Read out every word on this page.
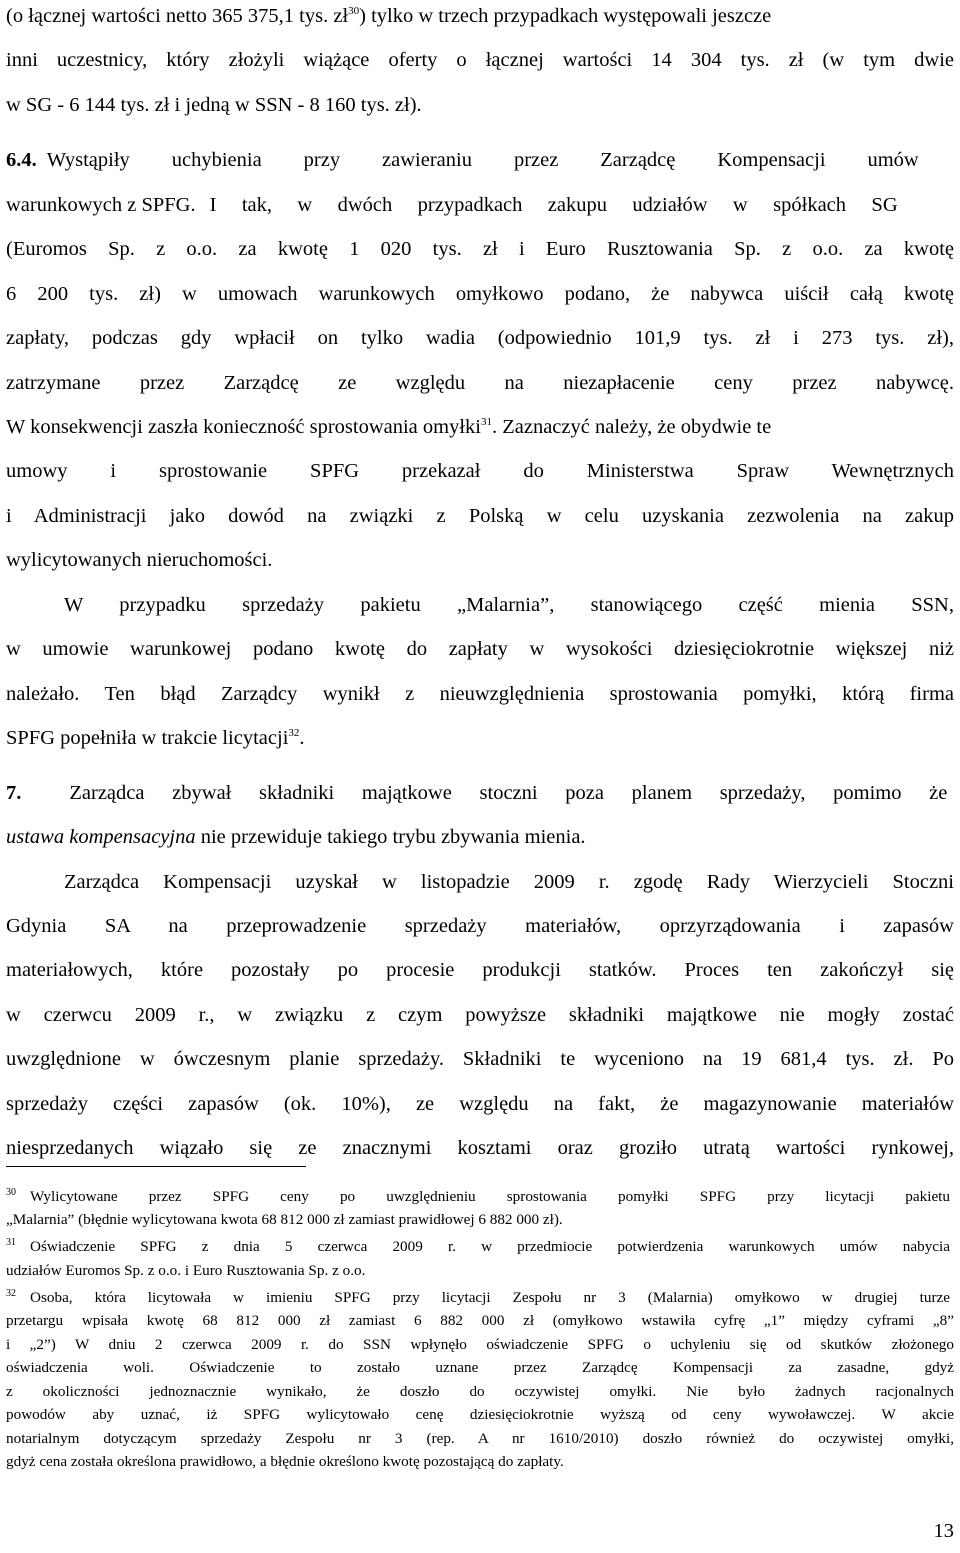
(o łącznej wartości netto 365 375,1 tys. $zł^{30}$) tylko w trzech przypadkach występowali jeszcze
inni uczestnicy, który złożyli wiążące oferty o łącznej wartości 14 304 tys. zł (w tym dwie
w SG - 6 144 tys. zł i jedną w SSN - 8 160 tys. zł).
6.4. Wystąpiły uchybienia przy zawieraniu przez Zarządcę Kompensacji umów
warunkowych z SPFG. I tak, w dwóch przypadkach zakupu udziałów w spółkach SG
(Euromos Sp. z o.o. za kwotę 1 020 tys. zł i Euro Rusztowania Sp. z o.o. za kwotę
6 200 tys. zł) w umowach warunkowych omyłkowo podano, że nabywca uiścił całą kwotę
zapłaty, podczas gdy wpłacił on tylko wadia (odpowiednio 101,9 tys. zł i 273 tys. zł),
zatrzymane przez Zarządcę ze względu na niezapłacenie ceny przez nabywcę.
W konsekwencji zaszła konieczność sprostowania omyłki$^{31}$. Zaznaczyć należy, że obydwie te
umowy i sprostowanie SPFG przekazał do Ministerstwa Spraw Wewnętrznych
i Administracji jako dowód na związki z Polską w celu uzyskania zezwolenia na zakup
wylicytowanych nieruchomości.
W przypadku sprzedaży pakietu „Malarnia”, stanowiącego część mienia SSN,
w umowie warunkowej podano kwotę do zapłaty w wysokości dziesięciokrotnie większej niż
należało. Ten błąd Zarządcy wynikł z nieuwzględnienia sprostowania pomyłki, którą firma
SPFG popełniła w trakcie licytacji$^{32}$.
7. Zarządca zbywał składniki majątkowe stoczni poza planem sprzedaży, pomimo że
ustawa kompensacyjna nie przewiduje takiego trybu zbywania mienia.
Zarządca Kompensacji uzyskał w listopadzie 2009 r. zgodę Rady Wierzycieli Stoczni
Gdynia SA na przeprowadzenie sprzedaży materiałów, oprzyrządowania i zapasów
materiałowych, które pozostały po procesie produkcji statków. Proces ten zakończył się
w czerwcu 2009 r., w związku z czym powyższe składniki majątkowe nie mogły zostać
uwzględnione w ówczesnym planie sprzedaży. Składniki te wyceniono na 19 681,4 tys. zł. Po
sprzedaży części zapasów (ok. 10%), ze względu na fakt, że magazynowanie materiałów
niesprzedanych wiązało się ze znacznymi kosztami oraz groziło utratą wartości rynkowej,
$^{30}$ Wylicytowane przez SPFG ceny po uwzględnieniu sprostowania pomyłki SPFG przy licytacji pakietu
„Malarnia” (błędnie wylicytowana kwota 68 812 000 zł zamiast prawidłowej 6 882 000 zł).
$^{31}$ Oświadczenie SPFG z dnia 5 czerwca 2009 r. w przedmiocie potwierdzenia warunkowych umów nabycia
udziałów Euromos Sp. z o.o. i Euro Rusztowania Sp. z o.o.
$^{32}$ Osoba, która licytowała w imieniu SPFG przy licytacji Zespołu nr 3 (Malarnia) omyłkowo w drugiej turze
przetargu wpisała kwotę 68 812 000 zł zamiast 6 882 000 zł (omyłkowo wstawiła cyfrę „1” między cyframi „8”
i „2”) W dniu 2 czerwca 2009 r. do SSN wpłynęło oświadczenie SPFG o uchyleniu się od skutków złożonego
oświadczenia woli. Oświadczenie to zostało uznane przez Zarządcę Kompensacji za zasadne, gdyż
z okoliczności jednoznacznie wynikało, że doszło do oczywistej omyłki. Nie było żadnych racjonalnych
powodów aby uznać, iż SPFG wylicytowało cenę dziesięciokrotnie wyższą od ceny wywoławczej. W akcie
notarialnym dotyczącym sprzedaży Zespołu nr 3 (rep. A nr 1610/2010) doszło również do oczywistej omyłki,
gdyż cena została określona prawidłowo, a błędnie określono kwotę pozostającą do zapłaty.
13
